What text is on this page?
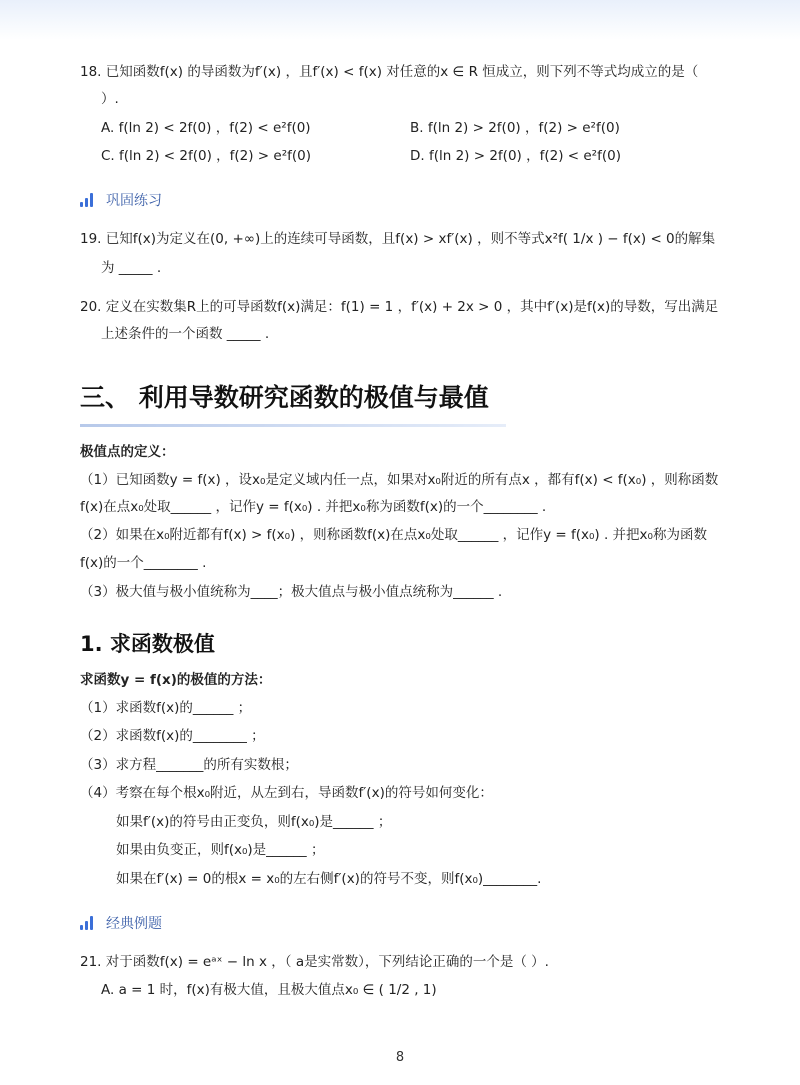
18. 已知函数f(x) 的导函数为f′(x) ，且f′(x) < f(x) 对任意的x ∈ R 恒成立，则下列不等式均成立的是（
）.
A. f(ln 2) < 2f(0) ，f(2) < e²f(0)	B. f(ln 2) > 2f(0) ，f(2) > e²f(0)
C. f(ln 2) < 2f(0) ，f(2) > e²f(0)	D. f(ln 2) > 2f(0) ，f(2) < e²f(0)
巩固练习
19. 已知f(x)为定义在(0, +∞)上的连续可导函数，且f(x) > xf′(x) ，则不等式x²f( 1/x ) − f(x) < 0的解集
为 _____ .
20. 定义在实数集R上的可导函数f(x)满足：f(1) = 1 ，f′(x) + 2x > 0 ，其中f′(x)是f(x)的导数，写出满足
上述条件的一个函数 _____ .
三、 利用导数研究函数的极值与最值
极值点的定义：
（1）已知函数y = f(x) ，设x₀是定义域内任一点，如果对x₀附近的所有点x ，都有f(x) < f(x₀) ，则称函数
f(x)在点x₀处取______ ，记作y = f(x₀) . 并把x₀称为函数f(x)的一个________ .
（2）如果在x₀附近都有f(x) > f(x₀) ，则称函数f(x)在点x₀处取______ ，记作y = f(x₀) . 并把x₀称为函数
f(x)的一个________ .
（3）极大值与极小值统称为____；极大值点与极小值点统称为______ .
1. 求函数极值
求函数y = f(x)的极值的方法：
（1）求函数f(x)的______ ；
（2）求函数f(x)的________ ；
（3）求方程_______的所有实数根；
（4）考察在每个根x₀附近，从左到右，导函数f′(x)的符号如何变化：
如果f′(x)的符号由正变负，则f(x₀)是______ ；
如果由负变正，则f(x₀)是______ ；
如果在f′(x) = 0的根x = x₀的左右侧f′(x)的符号不变，则f(x₀)________.
经典例题
21. 对于函数f(x) = eᵃˣ − ln x ，（ a是实常数），下列结论正确的一个是（ ）.
A. a = 1 时，f(x)有极大值，且极大值点x₀ ∈ ( 1/2 , 1)
8
